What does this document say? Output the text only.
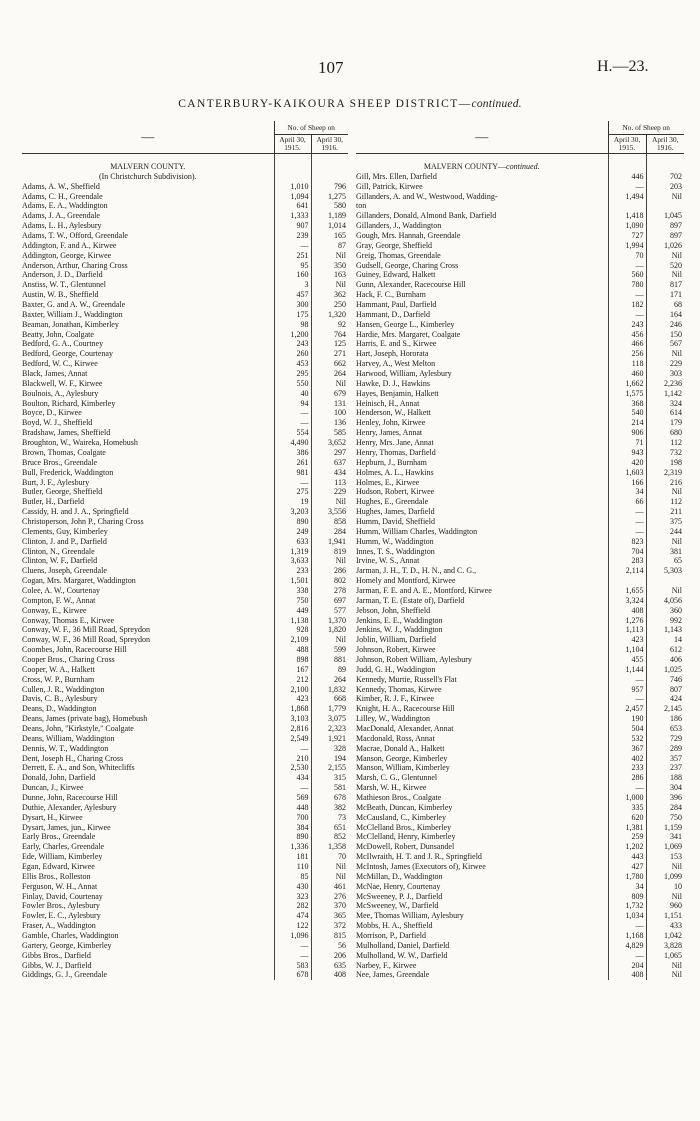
107	H.—23.
CANTERBURY-KAIKOURA SHEEP DISTRICT—continued.
—	No. of Sheep on	
	April 30, 1915.	April 30, 1916.

MALVERN COUNTY.		
(In Christchurch Subdivision).		
Adams, A. W., Sheffield	1,010	796
Adams, C. H., Greendale	1,094	1,275
Adams, E. A., Waddington	641	580
Adams, J. A., Greendale	1,333	1,189
Adams, L. H., Aylesbury	907	1,014
Adams, T. W., Offord, Greendale	239	165
Addington, F. and A., Kirwee	—	87
Addington, George, Kirwee	251	Nil
Anderson, Arthur, Charing Cross	95	350
Anderson, J. D., Darfield	160	163
Anstiss, W. T., Glentunnel	3	Nil
Austin, W. B., Sheffield	457	362
Baxter, G. and A. W., Greendale	300	250
Baxter, William J., Waddington	175	1,320
Beaman, Jonathan, Kimberley	98	92
Beatty, John, Coalgate	1,200	764
Bedford, G. A., Courtney	243	125
Bedford, George, Courtenay	260	271
Bedford, W. C., Kirwee	453	662
Black, James, Annat	295	264
Blackwell, W. F., Kirwee	550	Nil
Boulnois, A., Aylesbury	40	679
Boulton, Richard, Kimberley	94	131
Boyce, D., Kirwee	—	100
Boyd, W. J., Sheffield	—	136
Bradshaw, James, Sheffield	554	585
Broughton, W., Waireka, Homebush	4,490	3,652
Brown, Thomas, Coalgate	386	297
Bruce Bros., Greendale	261	637
Bull, Frederick, Waddington	981	434
Burt, J. F., Aylesbury	—	113
Butler, George, Sheffield	275	229
Butler, H., Darfield	19	Nil
Cassidy, H. and J. A., Springfield	3,203	3,556
Christoperson, John P., Charing Cross	890	858
Clements, Guy, Kimberley	249	284
Clinton, J. and P., Darfield	633	1,941
Clinton, N., Greendale	1,319	819
Clinton, W. F., Darfield	3,633	Nil
Cluens, Joseph, Greendale	233	286
Cogan, Mrs. Margaret, Waddington	1,501	802
Colee, A. W., Courtenay	338	278
Compton, F. W., Annat	750	697
Conway, E., Kirwee	449	577
Conway, Thomas E., Kirwee	1,138	1,370
Conway, W. F., 36 Mill Road, Spreydon	928	1,820
Conway, W. F., 36 Mill Road, Spreydon	2,109	Nil
Coombes, John, Racecourse Hill	488	599
Cooper Bros., Charing Cross	898	881
Cooper, W. A., Halkett	167	89
Cross, W. P., Burnham	212	264
Cullen, J. R., Waddington	2,100	1,832
Davis, C. B., Aylesbury	423	668
Deans, D., Waddington	1,868	1,779
Deans, James (private bag), Homebush	3,103	3,075
Deans, John, "Kirkstyle," Coalgate	2,816	2,323
Deans, William, Waddington	2,549	1,921
Dennis, W. T., Waddington	—	328
Dent, Joseph H., Charing Cross	210	194
Derrett, E. A., and Son, Whitecliffs	2,530	2,155
Donald, John, Darfield	434	315
Duncan, J., Kirwee	—	581
Dunne, John, Racecourse Hill	569	678
Duthie, Alexander, Aylesbury	448	382
Dysart, H., Kirwee	700	73
Dysart, James, jun., Kirwee	384	651
Early Bros., Greendale	890	852
Early, Charles, Greendale	1,336	1,358
Ede, William, Kimberley	181	70
Egan, Edward, Kirwee	110	Nil
Ellis Bros., Rolleston	85	Nil
Ferguson, W. H., Annat	430	461
Finlay, David, Courtenay	323	276
Fowler Bros., Aylesbury	282	370
Fowler, E. C., Aylesbury	474	365
Fraser, A., Waddington	122	372
Gamble, Charles, Waddington	1,096	815
Gartery, George, Kimberley	—	56
Gibbs Bros., Darfield	—	206
Gibbs, W. J., Darfield	583	635
Giddings, G. J., Greendale	678	408
—	No. of Sheep on	
	April 30, 1915.	April 30, 1916.

MALVERN COUNTY—continued.		
Gill, Mrs. Ellen, Darfield	446	702
Gill, Patrick, Kirwee	—	203
Gillanders, A. and W., Westwood, Wadding-	1,494	Nil
ton		
Gillanders, Donald, Almond Bank, Darfield	1,418	1,045
Gillanders, J., Waddington	1,090	897
Gough, Mrs. Hannah, Greendale	727	897
Gray, George, Sheffield	1,994	1,026
Greig, Thomas, Greendale	70	Nil
Gudsell, George, Charing Cross	—	520
Guiney, Edward, Halkett	560	Nil
Gunn, Alexander, Racecourse Hill	780	817
Hack, F. C., Burnham	—	171
Hammant, Paul, Darfield	182	68
Hammant, D., Darfield	—	164
Hansen, George L., Kimberley	243	246
Hardie, Mrs. Margaret, Coalgate	456	150
Harris, E. and S., Kirwee	466	567
Hart, Joseph, Hororata	256	Nil
Harvey, A., West Melton	118	229
Harwood, William, Aylesbury	460	303
Hawke, D. J., Hawkins	1,662	2,236
Hayes, Benjamin, Halkett	1,575	1,142
Heinisch, H., Annat	368	324
Henderson, W., Halkett	540	614
Henley, John, Kirwee	214	179
Henry, James, Annat	906	680
Henry, Mrs. Jane, Annat	71	112
Henry, Thomas, Darfield	943	732
Hepburn, J., Burnham	420	198
Holmes, A. L., Hawkins	1,603	2,319
Holmes, E., Kirwee	166	216
Hudson, Robert, Kirwee	34	Nil
Hughes, E., Greendale	66	112
Hughes, James, Darfield	—	211
Humm, David, Sheffield	—	375
Humm, William Charles, Waddington	—	244
Humm, W., Waddington	823	Nil
Innes, T. S., Waddington	704	381
Irvine, W. S., Annat	283	65
Jarman, J. H., T. D., H. N., and C. G.,	2,114	5,303
Homely and Montford, Kirwee		
Jarman, F. E. and A. E., Montford, Kirwee	1,655	Nil
Jarman, T. E. (Estate of), Darfield	3,324	4,056
Jebson, John, Sheffield	408	360
Jenkins, E. E., Waddington	1,276	992
Jenkins, W. J., Waddington	1,113	1,143
Joblin, William, Darfield	423	14
Johnson, Robert, Kirwee	1,104	612
Johnson, Robert William, Aylesbury	455	406
Judd, G. H., Waddington	1,144	1,025
Kennedy, Murtie, Russell's Flat	—	746
Kennedy, Thomas, Kirwee	957	807
Kimber, R. J. F., Kirwee	—	424
Knight, H. A., Racecourse Hill	2,457	2,145
Lilley, W., Waddington	190	186
MacDonald, Alexander, Annat	504	653
Macdonald, Ross, Annat	532	729
Macrae, Donald A., Halkett	367	289
Manson, George, Kimberley	402	357
Manson, William, Kimberley	233	237
Marsh, C. G., Glentunnel	286	188
Marsh, W. H., Kirwee	—	304
Mathieson Bros., Coalgate	1,000	396
McBeath, Duncan, Kimberley	335	284
McCausland, C., Kimberley	620	750
McClelland Bros., Kimberley	1,381	1,159
McClelland, Henry, Kimberley	259	341
McDowell, Robert, Dunsandel	1,202	1,069
McIlwraith, H. T. and J. R., Springfield	443	153
McIntosh, James (Executors of), Kirwee	427	Nil
McMillan, D., Waddington	1,780	1,099
McNae, Henry, Courtenay	34	10
McSweeney, P. J., Darfield	809	Nil
McSweeney, W., Darfield	1,732	960
Mee, Thomas William, Aylesbury	1,034	1,151
Mobbs, H. A., Sheffield	—	433
Morrison, P., Darfield	1,168	1,042
Mulholland, Daniel, Darfield	4,829	3,828
Mulholland, W. W., Darfield	—	1,065
Narbey, F., Kirwee	204	Nil
Nee, James, Greendale	408	Nil
